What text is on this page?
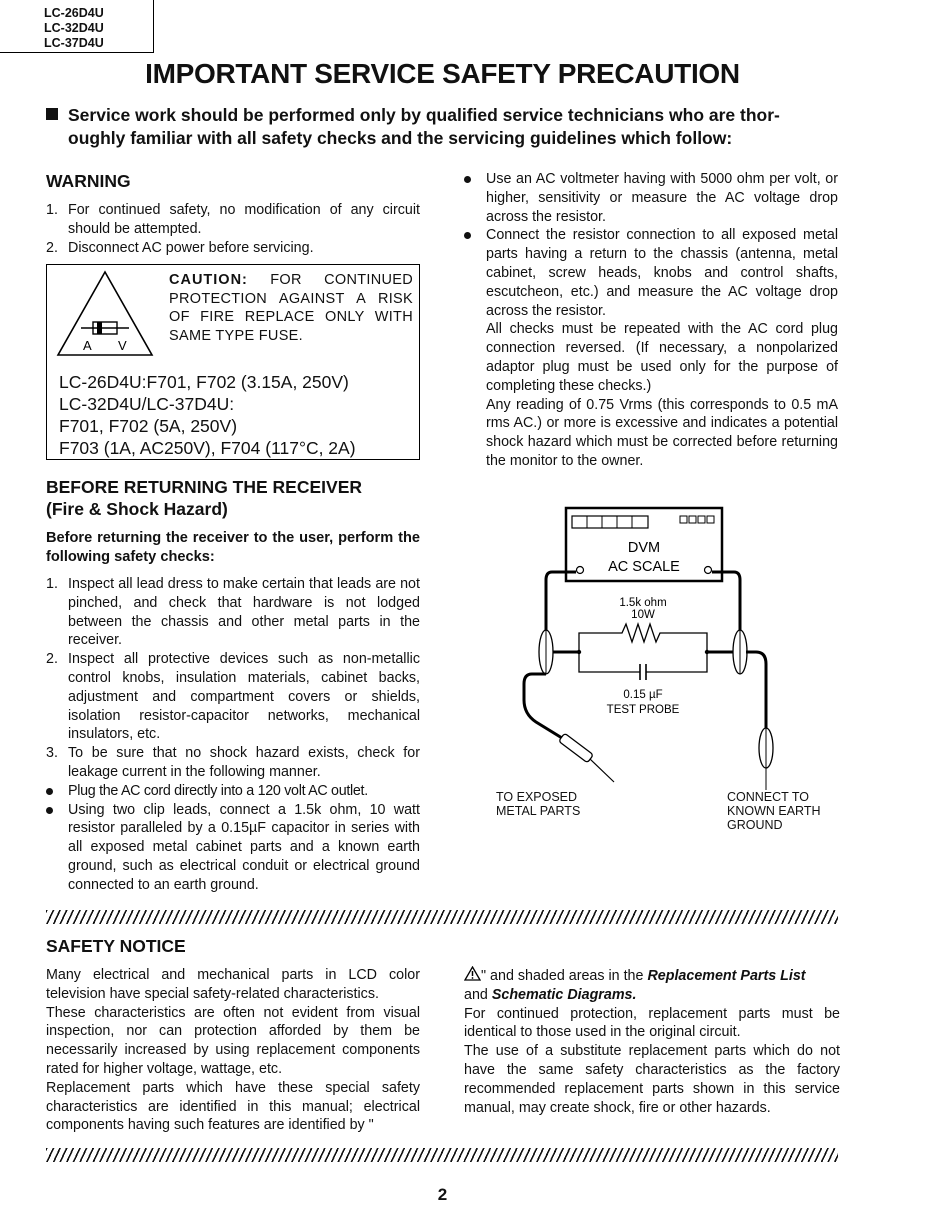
LC-26D4U
LC-32D4U
LC-37D4U
IMPORTANT SERVICE SAFETY PRECAUTION
Service work should be performed only by qualified service technicians who are thor-
oughly familiar with all safety checks and the servicing guidelines which follow:
WARNING
1. For continued safety, no modification of any circuit should be attempted.
2. Disconnect AC power before servicing.
A V
CAUTION: FOR CONTINUED PROTECTION AGAINST A RISK OF FIRE REPLACE ONLY WITH SAME TYPE FUSE.
LC-26D4U:F701, F702 (3.15A, 250V)
LC-32D4U/LC-37D4U:
F701, F702 (5A, 250V)
F703 (1A, AC250V), F704 (117°C, 2A)
BEFORE RETURNING THE RECEIVER
(Fire & Shock Hazard)
Before returning the receiver to the user, perform the following safety checks:
1. Inspect all lead dress to make certain that leads are not pinched, and check that hardware is not lodged between the chassis and other metal parts in the receiver.
2. Inspect all protective devices such as non-metallic control knobs, insulation materials, cabinet backs, adjustment and compartment covers or shields, isolation resistor-capacitor networks, mechanical insulators, etc.
3. To be sure that no shock hazard exists, check for leakage current in the following manner.
Plug the AC cord directly into a 120 volt AC outlet.
Using two clip leads, connect a 1.5k ohm, 10 watt resistor paralleled by a 0.15µF capacitor in series with all exposed metal cabinet parts and a known earth ground, such as electrical conduit or electrical ground connected to an earth ground.
Use an AC voltmeter having with 5000 ohm per volt, or higher, sensitivity or measure the AC voltage drop across the resistor.
Connect the resistor connection to all exposed metal parts having a return to the chassis (antenna, metal cabinet, screw heads, knobs and control shafts, escutcheon, etc.) and measure the AC voltage drop across the resistor.
All checks must be repeated with the AC cord plug connection reversed. (If necessary, a nonpolarized adaptor plug must be used only for the purpose of completing these checks.)
Any reading of 0.75 Vrms (this corresponds to 0.5 mA rms AC.) or more is excessive and indicates a potential shock hazard which must be corrected before returning the monitor to the owner.
DVM
AC SCALE
1.5k ohm
10W
0.15 µF
TEST PROBE
TO EXPOSED
METAL PARTS
CONNECT TO
KNOWN EARTH
GROUND
SAFETY NOTICE
Many electrical and mechanical parts in LCD color television have special safety-related characteristics.
These characteristics are often not evident from visual inspection, nor can protection afforded by them be necessarily increased by using replacement components rated for higher voltage, wattage, etc.
Replacement parts which have these special safety characteristics are identified in this manual; electrical components having such features are identified by "
" and shaded areas in the Replacement Parts List
and Schematic Diagrams.
For continued protection, replacement parts must be identical to those used in the original circuit.
The use of a substitute replacement parts which do not have the same safety characteristics as the factory recommended replacement parts shown in this service manual, may create shock, fire or other hazards.
2
